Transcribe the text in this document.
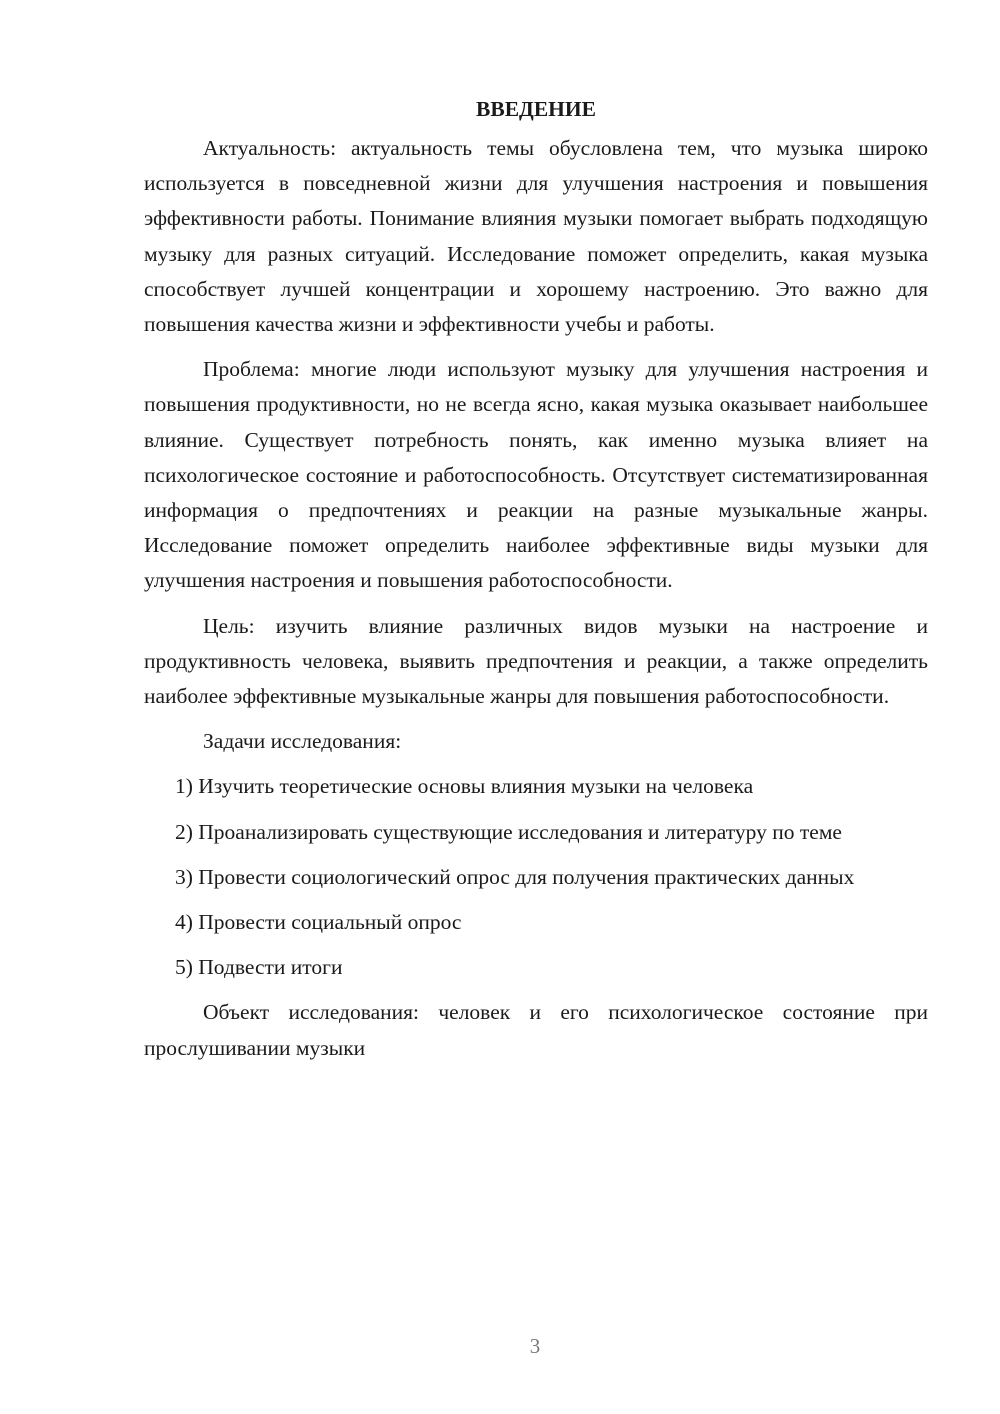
ВВЕДЕНИЕ

Актуальность: актуальность темы обусловлена тем, что музыка широко используется в повседневной жизни для улучшения настроения и повышения эффективности работы. Понимание влияния музыки помогает выбрать подходящую музыку для разных ситуаций. Исследование поможет определить, какая музыка способствует лучшей концентрации и хорошему настроению. Это важно для повышения качества жизни и эффективности учебы и работы.

Проблема: многие люди используют музыку для улучшения настроения и повышения продуктивности, но не всегда ясно, какая музыка оказывает наибольшее влияние. Существует потребность понять, как именно музыка влияет на психологическое состояние и работоспособность. Отсутствует систематизированная информация о предпочтениях и реакции на разные музыкальные жанры. Исследование поможет определить наиболее эффективные виды музыки для улучшения настроения и повышения работоспособности.

Цель: изучить влияние различных видов музыки на настроение и продуктивность человека, выявить предпочтения и реакции, а также определить наиболее эффективные музыкальные жанры для повышения работоспособности.

Задачи исследования:

1) Изучить теоретические основы влияния музыки на человека

2) Проанализировать существующие исследования и литературу по теме

3) Провести социологический опрос для получения практических данных

4) Провести социальный опрос

5) Подвести итоги

Объект исследования: человек и его психологическое состояние при прослушивании музыки

3
